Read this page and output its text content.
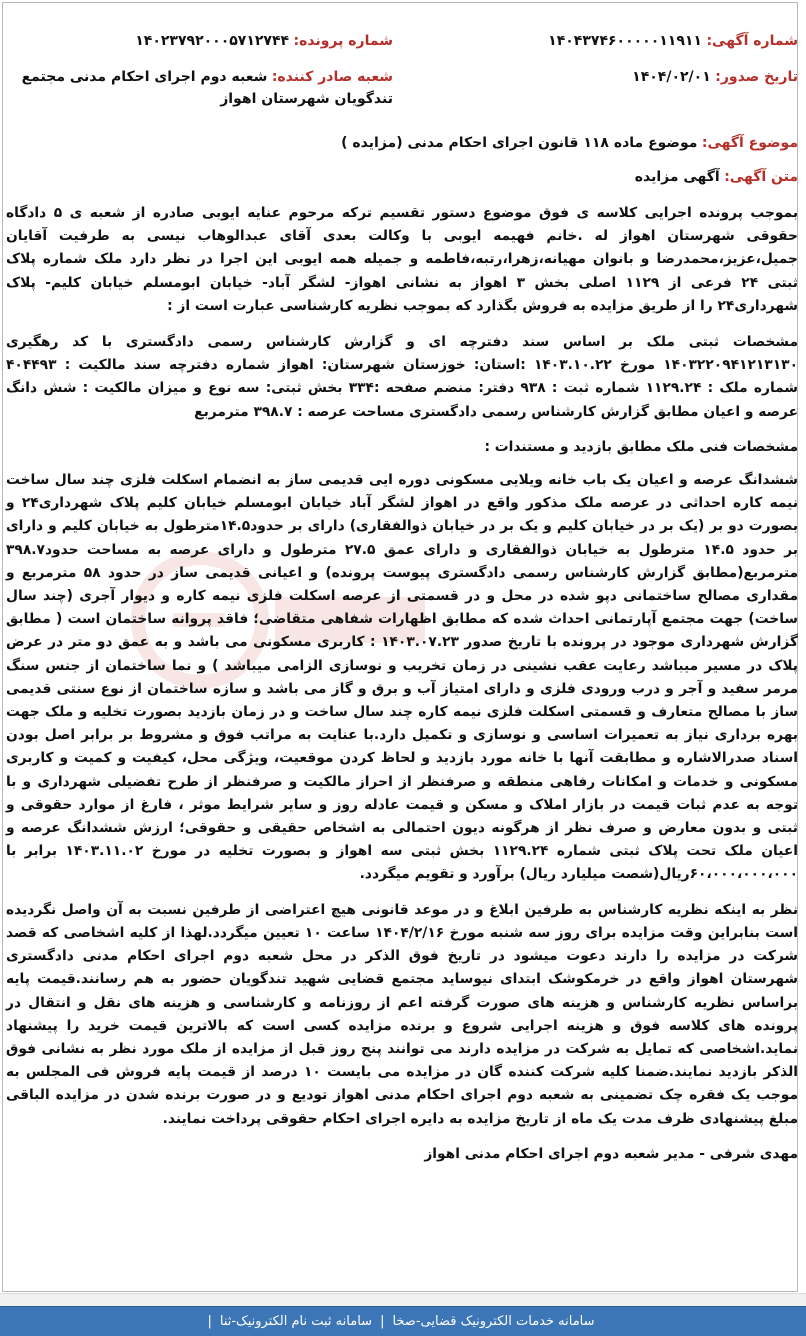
شماره آگهی: ۱۴۰۴۳۷۴۶۰۰۰۰۰۱۱۹۱۱
شماره پرونده: ۱۴۰۲۳۷۹۲۰۰۰۵۷۱۲۷۴۴
تاریخ صدور: ۱۴۰۴/۰۲/۰۱
شعبه صادر کننده: شعبه دوم اجرای احکام مدنی مجتمع تندگویان شهرستان اهواز
موضوع آگهی: موضوع ماده ۱۱۸ قانون اجرای احکام مدنی (مزایده )
متن آگهی: آگهی مزایده

بموجب پرونده اجرایی کلاسه ی فوق موضوع دستور تقسیم ترکه مرحوم عنایه ایوبی صادره از شعبه ی ۵ دادگاه حقوقی شهرستان اهواز له .خانم فهیمه ایوبی با وکالت بعدی آقای عبدالوهاب نیسی به طرفیت آقایان جمیل،عزیز،محمدرضا و بانوان مهیانه،زهرا،رتبه،فاطمه و جمیله همه ایوبی این اجرا در نظر دارد ملک شماره پلاک ثبتی ۲۴ فرعی از ۱۱۲۹ اصلی بخش ۳ اهواز به نشانی اهواز- لشگر آباد- خیابان ابومسلم خیابان کلیم- پلاک شهرداری۲۴ را از طریق مزایده به فروش بگذارد که بموجب نظریه کارشناسی عبارت است از :

مشخصات ثبتی ملک بر اساس سند دفترچه ای و گزارش کارشناس رسمی دادگستری با کد رهگیری ۱۴۰۳۲۲۰۹۴۱۲۱۳۱۳۰ مورخ ۱۴۰۳.۱۰.۲۲ :استان: خوزستان شهرستان: اهواز شماره دفترچه سند مالکیت : ۴۰۴۴۹۳ شماره ملک : ۱۱۲۹.۲۴ شماره ثبت : ۹۳۸ دفتر: منضم صفحه :۳۳۴ بخش ثبتی: سه نوع و میزان مالکیت : شش دانگ عرصه و اعیان مطابق گزارش کارشناس رسمی دادگستری مساحت عرصه : ۳۹۸.۷ مترمربع

مشخصات فنی ملک مطابق بازدید و مستندات :

ششدانگ عرصه و اعیان یک باب خانه ویلایی مسکونی دوره ایی قدیمی ساز به انضمام اسکلت فلزی چند سال ساخت نیمه کاره احداثی در عرصه ملک مذکور واقع در اهواز لشگر آباد خیابان ابومسلم خیابان کلیم پلاک شهرداری۲۴ و بصورت دو بر (یک بر در خیابان کلیم و یک بر در خیابان ذوالفقاری) دارای بر حدود۱۴.۵مترطول به خیابان کلیم و دارای بر حدود ۱۴.۵ مترطول به خیابان ذوالفقاری و دارای عمق ۲۷.۵ مترطول و دارای عرصه به مساحت حدود۳۹۸.۷ مترمربع(مطابق گزارش کارشناس رسمی دادگستری پیوست پرونده) و اعیانی قدیمی ساز در حدود ۵۸ مترمربع و مقداری مصالح ساختمانی دپو شده در محل و در قسمتی از عرصه اسکلت فلزی نیمه کاره و دیوار آجری (چند سال ساخت) جهت مجتمع آپارتمانی احداث شده که مطابق اظهارات شفاهی متقاضی؛ فاقد پروانه ساختمان است ( مطابق گزارش شهرداری موجود در پرونده با تاریخ صدور ۱۴۰۳.۰۷.۲۳ : کاربری مسکونی می باشد و به عمق دو متر در عرض پلاک در مسیر میباشد رعایت عقب نشینی در زمان تخریب و نوسازی الزامی میباشد ) و نما ساختمان از جنس سنگ مرمر سفید و آجر و درب ورودی فلزی و دارای امتیاز آب و برق و گاز می باشد و سازه ساختمان از نوع سنتی قدیمی ساز با مصالح متعارف و قسمتی اسکلت فلزی نیمه کاره چند سال ساخت و در زمان بازدید بصورت تخلیه و ملک جهت بهره برداری نیاز به تعمیرات اساسی و نوسازی و تکمیل دارد.با عنایت به مراتب فوق و مشروط بر برابر اصل بودن اسناد صدرالاشاره و مطابقت آنها با خانه مورد بازدید و لحاظ کردن موقعیت، ویژگی محل، کیفیت و کمیت و کاربری مسکونی و خدمات و امکانات رفاهی منطقه و صرفنظر از احراز مالکیت و صرفنظر از طرح تفضیلی شهرداری و با توجه به عدم ثبات قیمت در بازار املاک و مسکن و قیمت عادله روز و سایر شرایط موثر ، فارغ از موارد حقوقی و ثبتی و بدون معارض و صرف نظر از هرگونه دیون احتمالی به اشخاص حقیقی و حقوقی؛ ارزش ششدانگ عرصه و اعیان ملک تحت پلاک ثبتی شماره ۱۱۲۹.۲۴ بخش ثبتی سه اهواز و بصورت تخلیه در مورخ ۱۴۰۳.۱۱.۰۲ برابر با ۶۰،۰۰۰،۰۰۰،۰۰۰ریال(شصت میلیارد ریال) برآورد و تقویم میگردد.

نظر به اینکه نظریه کارشناس به طرفین ابلاغ و در موعد قانونی هیچ اعتراضی از طرفین نسبت به آن واصل نگردیده است بنابراین وقت مزایده برای روز سه شنبه مورخ ۱۴۰۴/۲/۱۶ ساعت ۱۰ تعیین میگردد.لهذا از کلیه اشخاصی که قصد شرکت در مزایده را دارند دعوت میشود در تاریخ فوق الذکر در محل شعبه دوم اجرای احکام مدنی دادگستری شهرستان اهواز واقع در خرمکوشک ابتدای نیوساید مجتمع قضایی شهید تندگویان حضور به هم رسانند.قیمت پایه براساس نظریه کارشناس و هزینه های صورت گرفته اعم از روزنامه و کارشناسی و هزینه های نقل و انتقال در پرونده های کلاسه فوق و هزینه اجرایی شروع و برنده مزایده کسی است که بالاترین قیمت خرید را پیشنهاد نماید.اشخاصی که تمایل به شرکت در مزایده دارند می توانند پنج روز قبل از مزایده از ملک مورد نظر به نشانی فوق الذکر بازدید نمایند.ضمنا کلیه شرکت کننده گان در مزایده می بایست ۱۰ درصد از قیمت پایه فروش فی المجلس به موجب یک فقره چک تضمینی به شعبه دوم اجرای احکام مدنی اهواز تودیع و در صورت برنده شدن در مزایده الباقی مبلغ پیشنهادی ظرف مدت یک ماه از تاریخ مزایده به دایره اجرای احکام حقوقی پرداخت نمایند.

مهدی شرفی - مدیر شعبه دوم اجرای احکام مدنی اهواز

سامانه خدمات الکترونیک قضایی-صخا
|
سامانه ثبت نام الکترونیک-ثنا
|
